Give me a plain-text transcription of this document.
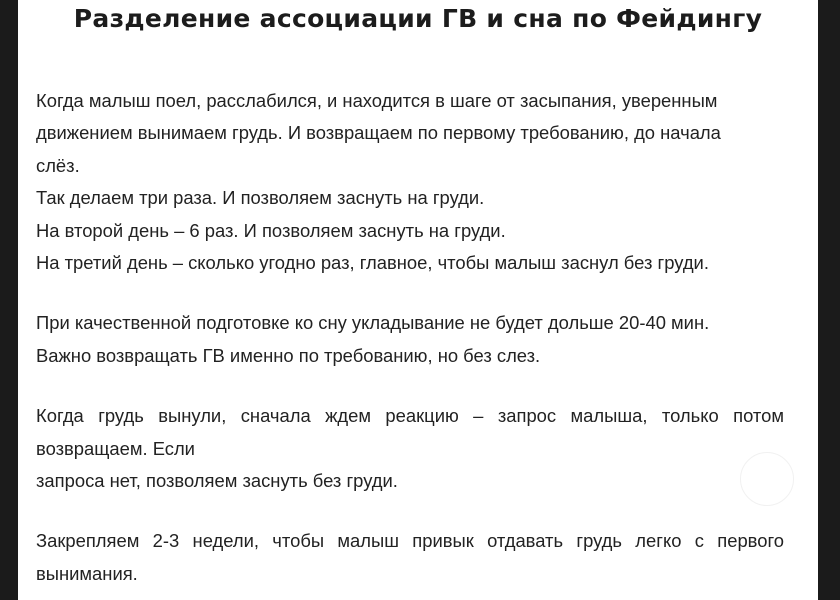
Разделение ассоциации ГВ и сна по Фейдингу

Когда малыш поел, расслабился, и находится в шаге от засыпания, уверенным
движением вынимаем грудь. И возвращаем по первому требованию, до начала
слёз.
Так делаем три раза. И позволяем заснуть на груди.
На второй день – 6 раз. И позволяем заснуть на груди.
На третий день – сколько угодно раз, главное, чтобы малыш заснул без груди.

При качественной подготовке ко сну укладывание не будет дольше 20-40 мин.
Важно возвращать ГВ именно по требованию, но без слез.

Когда грудь вынули, сначала ждем реакцию – запрос малыша, только потом
возвращаем. Если
запроса нет, позволяем заснуть без груди.

Закрепляем 2-3 недели, чтобы малыш привык отдавать грудь легко с первого
вынимания.
